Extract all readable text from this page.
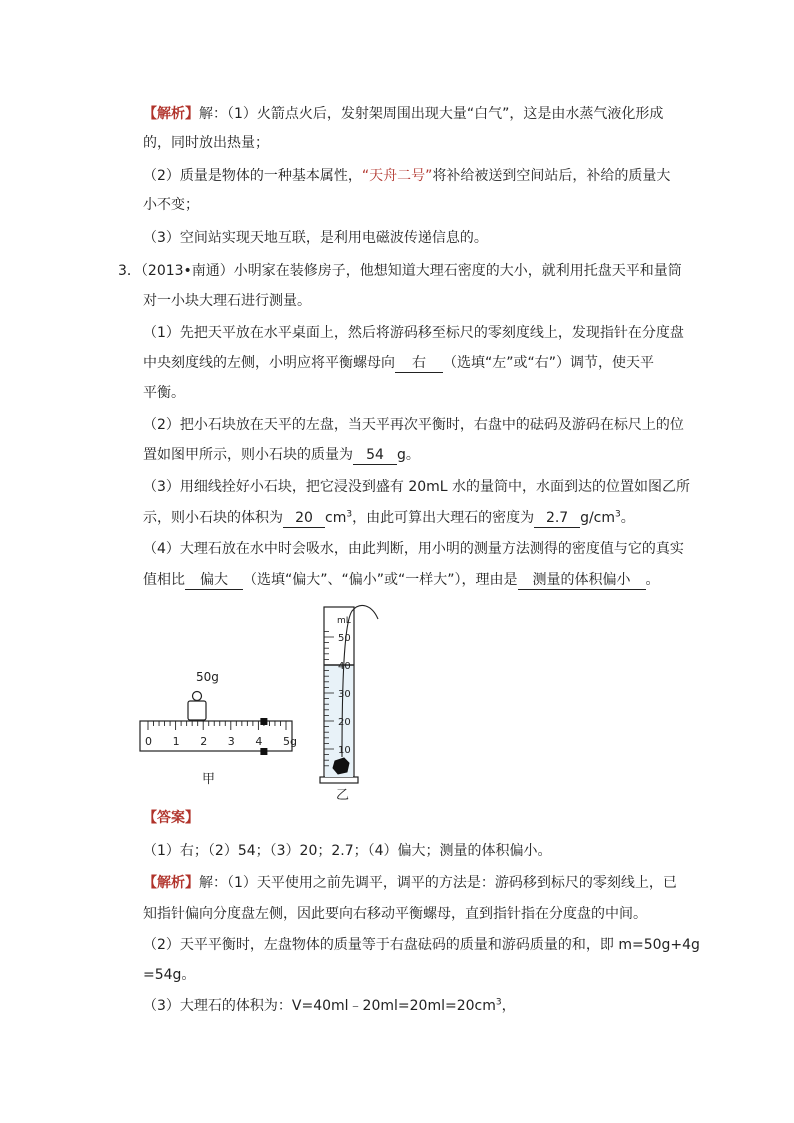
【解析】解：（1）火箭点火后，发射架周围出现大量“白气”，这是由水蒸气液化形成
的，同时放出热量；
（2）质量是物体的一种基本属性，“天舟二号”将补给被送到空间站后，补给的质量大
小不变；
（3）空间站实现天地互联，是利用电磁波传递信息的。
3．（2013•南通）小明家在装修房子，他想知道大理石密度的大小，就利用托盘天平和量筒
对一小块大理石进行测量。
（1）先把天平放在水平桌面上，然后将游码移至标尺的零刻度线上，发现指针在分度盘
中央刻度线的左侧，小明应将平衡螺母向 右 （选填“左”或“右”）调节，使天平
平衡。
（2）把小石块放在天平的左盘，当天平再次平衡时，右盘中的砝码及游码在标尺上的位
置如图甲所示，则小石块的质量为 54 g。
（3）用细线拴好小石块，把它浸没到盛有 20mL 水的量筒中，水面到达的位置如图乙所
示，则小石块的体积为 20 $cm^3$，由此可算出大理石的密度为 2.7 $g/cm^3$。
（4）大理石放在水中时会吸水，由此判断，用小明的测量方法测得的密度值与它的真实
值相比 偏大 （选填“偏大”、“偏小”或“一样大”），理由是 测量的体积偏小 。
50g
0 1 2 3 4 5g
甲
mL
50
40
30
20
10
乙
【答案】
（1）右；（2）54；（3）20；2.7；（4）偏大；测量的体积偏小。
【解析】解：（1）天平使用之前先调平，调平的方法是：游码移到标尺的零刻线上，已
知指针偏向分度盘左侧，因此要向右移动平衡螺母，直到指针指在分度盘的中间。
（2）天平平衡时，左盘物体的质量等于右盘砝码的质量和游码质量的和，即 m=50g+4g
=54g。
（3）大理石的体积为：$V=40ml﹣20ml=20ml=20cm^3$，
